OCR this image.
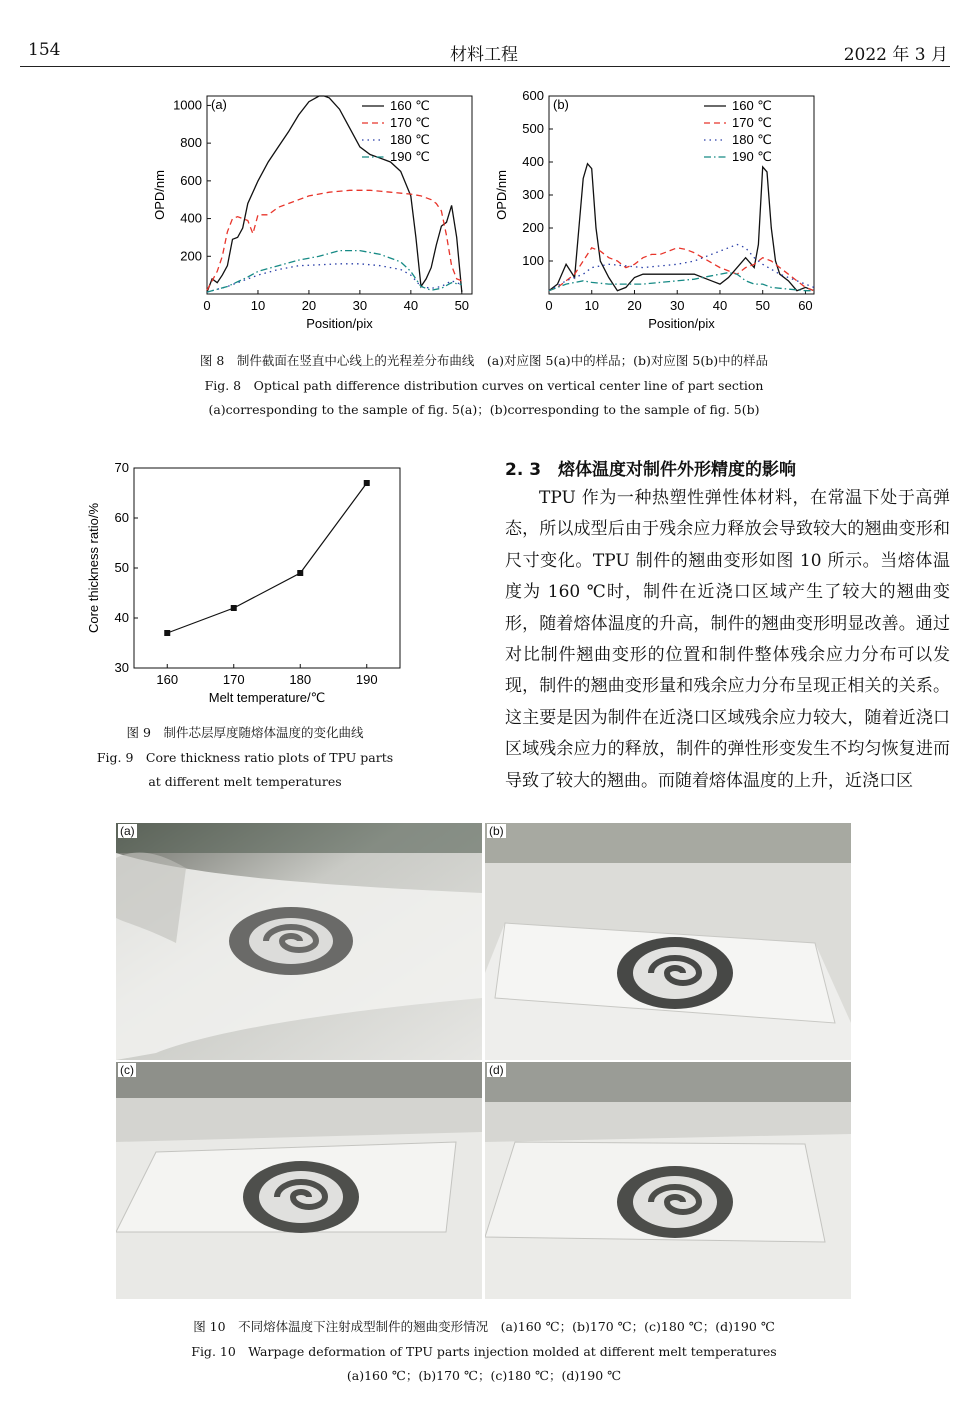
154	材料工程	2022 年 3 月
0	10	20	30	40	50
200
400
600
800
1000
Position/pix
OPD/nm
(a)	160 ℃
170 ℃
180 ℃
190 ℃
0 10 20 30 40 50 60
100
200
300
400
500
600
Position/pix
OPD/nm
(b)	160 ℃
170 ℃
180 ℃
190 ℃
图 8　制件截面在竖直中心线上的光程差分布曲线　(a)对应图 5(a)中的样品；(b)对应图 5(b)中的样品
Fig. 8　Optical path difference distribution curves on vertical center line of part section
(a)corresponding to the sample of fig. 5(a)；(b)corresponding to the sample of fig. 5(b)
160	170	180	190
30
40
50
60
70
Melt temperature/℃
Core thickness ratio/%
图 9　制件芯层厚度随熔体温度的变化曲线
Fig. 9　Core thickness ratio plots of TPU parts
at different melt temperatures
2. 3　熔体温度对制件外形精度的影响

TPU 作为一种热塑性弹性体材料，在常温下处于高弹态，所以成型后由于残余应力释放会导致较大的翘曲变形和尺寸变化。TPU 制件的翘曲变形如图 10 所示。当熔体温度为 160 ℃时，制件在近浇口区域产生了较大的翘曲变形，随着熔体温度的升高，制件的翘曲变形明显改善。通过对比制件翘曲变形的位置和制件整体残余应力分布可以发现，制件的翘曲变形量和残余应力分布呈现正相关的关系。这主要是因为制件在近浇口区域残余应力较大，随着近浇口区域残余应力的释放，制件的弹性形变发生不均匀恢复进而导致了较大的翘曲。而随着熔体温度的上升，近浇口区

(a)	(b)
(c)	(d)
图 10　不同熔体温度下注射成型制件的翘曲变形情况　(a)160 ℃；(b)170 ℃；(c)180 ℃；(d)190 ℃
Fig. 10　Warpage deformation of TPU parts injection molded at different melt temperatures
(a)160 ℃；(b)170 ℃；(c)180 ℃；(d)190 ℃
